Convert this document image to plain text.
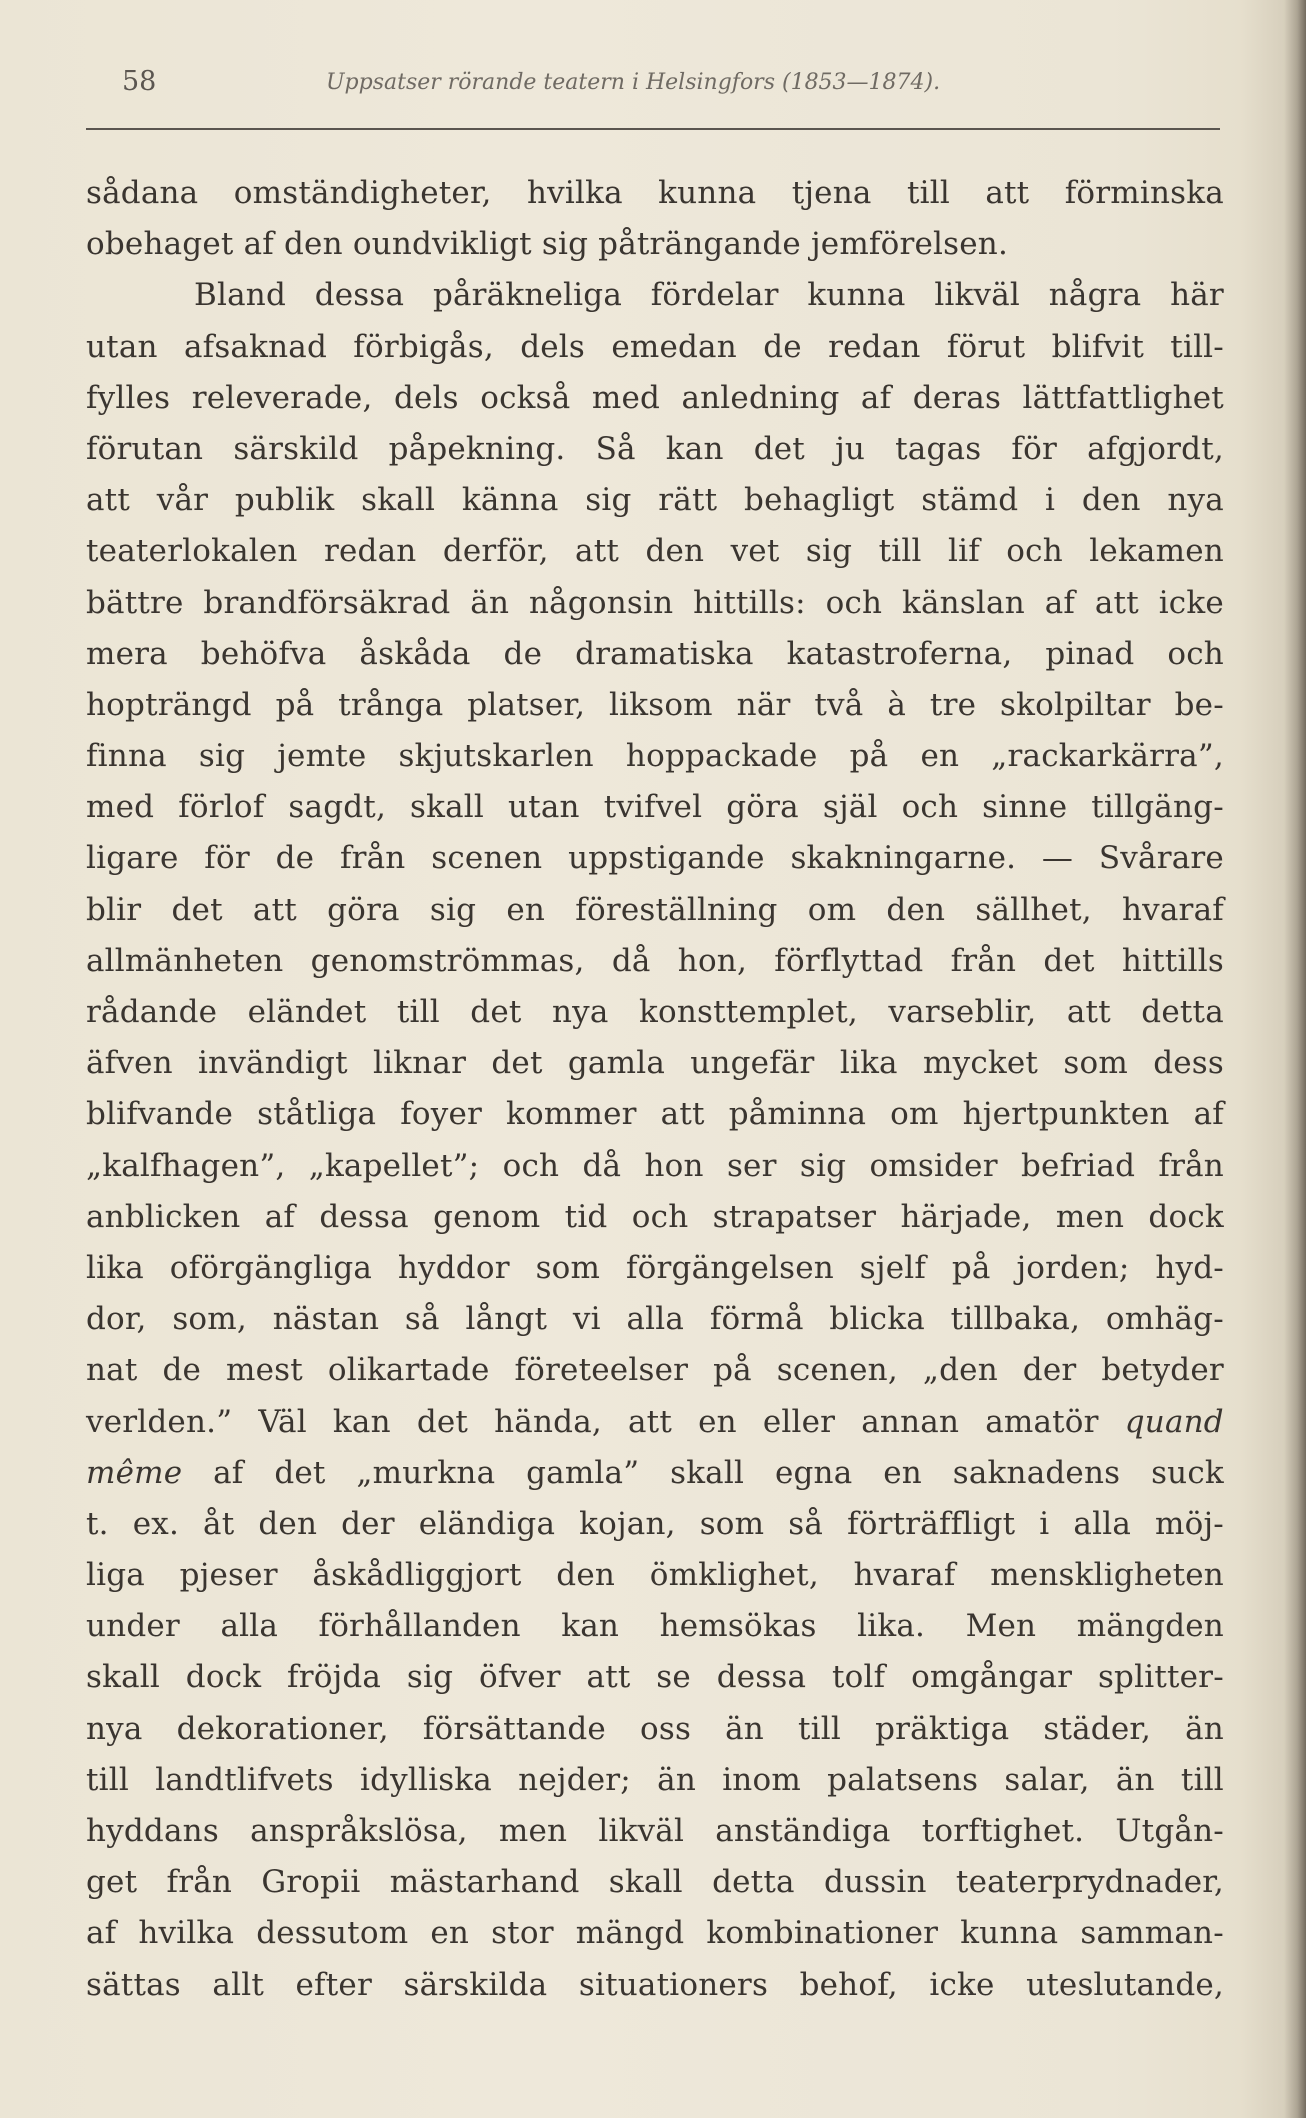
58	Uppsatser rörande teatern i Helsingfors (1853—1874).
sådana omständigheter, hvilka kunna tjena till att förminska
obehaget af den oundvikligt sig påträngande jemförelsen.
Bland dessa påräkneliga fördelar kunna likväl några här
utan afsaknad förbigås, dels emedan de redan förut blifvit till-
fylles releverade, dels också med anledning af deras lättfattlighet
förutan särskild påpekning. Så kan det ju tagas för afgjordt,
att vår publik skall känna sig rätt behagligt stämd i den nya
teaterlokalen redan derför, att den vet sig till lif och lekamen
bättre brandförsäkrad än någonsin hittills: och känslan af att icke
mera behöfva åskåda de dramatiska katastroferna, pinad och
hopträngd på trånga platser, liksom när två à tre skolpiltar be-
finna sig jemte skjutskarlen hoppackade på en „rackarkärra”,
med förlof sagdt, skall utan tvifvel göra själ och sinne tillgäng-
ligare för de från scenen uppstigande skakningarne. — Svårare
blir det att göra sig en föreställning om den sällhet, hvaraf
allmänheten genomströmmas, då hon, förflyttad från det hittills
rådande eländet till det nya konsttemplet, varseblir, att detta
äfven invändigt liknar det gamla ungefär lika mycket som dess
blifvande ståtliga foyer kommer att påminna om hjertpunkten af
„kalfhagen”, „kapellet”; och då hon ser sig omsider befriad från
anblicken af dessa genom tid och strapatser härjade, men dock
lika oförgängliga hyddor som förgängelsen sjelf på jorden; hyd-
dor, som, nästan så långt vi alla förmå blicka tillbaka, omhäg-
nat de mest olikartade företeelser på scenen, „den der betyder
verlden.” Väl kan det hända, att en eller annan amatör quand
même af det „murkna gamla” skall egna en saknadens suck
t. ex. åt den der eländiga kojan, som så förträffligt i alla möj-
liga pjeser åskådliggjort den ömklighet, hvaraf menskligheten
under alla förhållanden kan hemsökas lika. Men mängden
skall dock fröjda sig öfver att se dessa tolf omgångar splitter-
nya dekorationer, försättande oss än till präktiga städer, än
till landtlifvets idylliska nejder; än inom palatsens salar, än till
hyddans anspråkslösa, men likväl anständiga torftighet. Utgån-
get från Gropii mästarhand skall detta dussin teaterprydnader,
af hvilka dessutom en stor mängd kombinationer kunna samman-
sättas allt efter särskilda situationers behof, icke uteslutande,
